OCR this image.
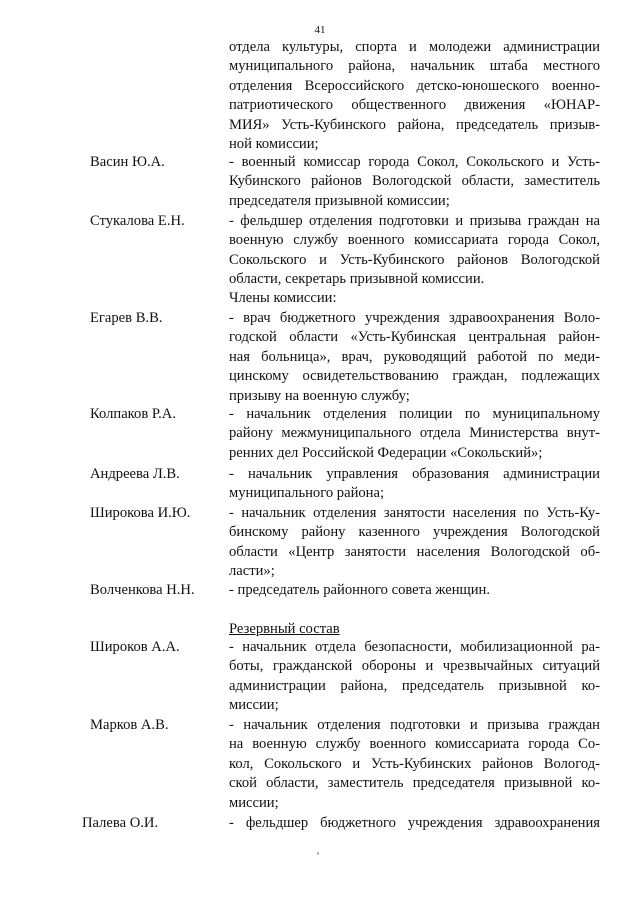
41
отдела культуры, спорта и молодежи администрации
муниципального района, начальник штаба местного
отделения Всероссийского детско-юношеского военно-
патриотического общественного движения «ЮНАР-
МИЯ» Усть-Кубинского района, председатель призыв-
ной комиссии;
Васин Ю.А.	- военный комиссар города Сокол, Сокольского и Усть-
Кубинского районов Вологодской области, заместитель
председателя призывной комиссии;
Стукалова Е.Н.	- фельдшер отделения подготовки и призыва граждан на
военную службу военного комиссариата города Сокол,
Сокольского и Усть-Кубинского районов Вологодской
области, секретарь призывной комиссии.
Члены комиссии:
Егарев В.В.	- врач бюджетного учреждения здравоохранения Воло-
годской области «Усть-Кубинская центральная район-
ная больница», врач, руководящий работой по меди-
цинскому освидетельствованию граждан, подлежащих
призыву на военную службу;
Колпаков Р.А.	- начальник отделения полиции по муниципальному
району межмуниципального отдела Министерства внут-
ренних дел Российской Федерации «Сокольский»;
Андреева Л.В.	- начальник управления образования администрации
муниципального района;
Широкова И.Ю.	- начальник отделения занятости населения по Усть-Ку-
бинскому району казенного учреждения Вологодской
области «Центр занятости населения Вологодской об-
ласти»;
Волченкова Н.Н. - председатель районного совета женщин.
Резервный состав
Широков А.А.	- начальник отдела безопасности, мобилизационной ра-
боты, гражданской обороны и чрезвычайных ситуаций
администрации района, председатель призывной ко-
миссии;
Марков А.В.	- начальник отделения подготовки и призыва граждан
на военную службу военного комиссариата города Со-
кол, Сокольского и Усть-Кубинских районов Вологод-
ской области, заместитель председателя призывной ко-
миссии;
Палева О.И.	- фельдшер бюджетного учреждения здравоохранения
